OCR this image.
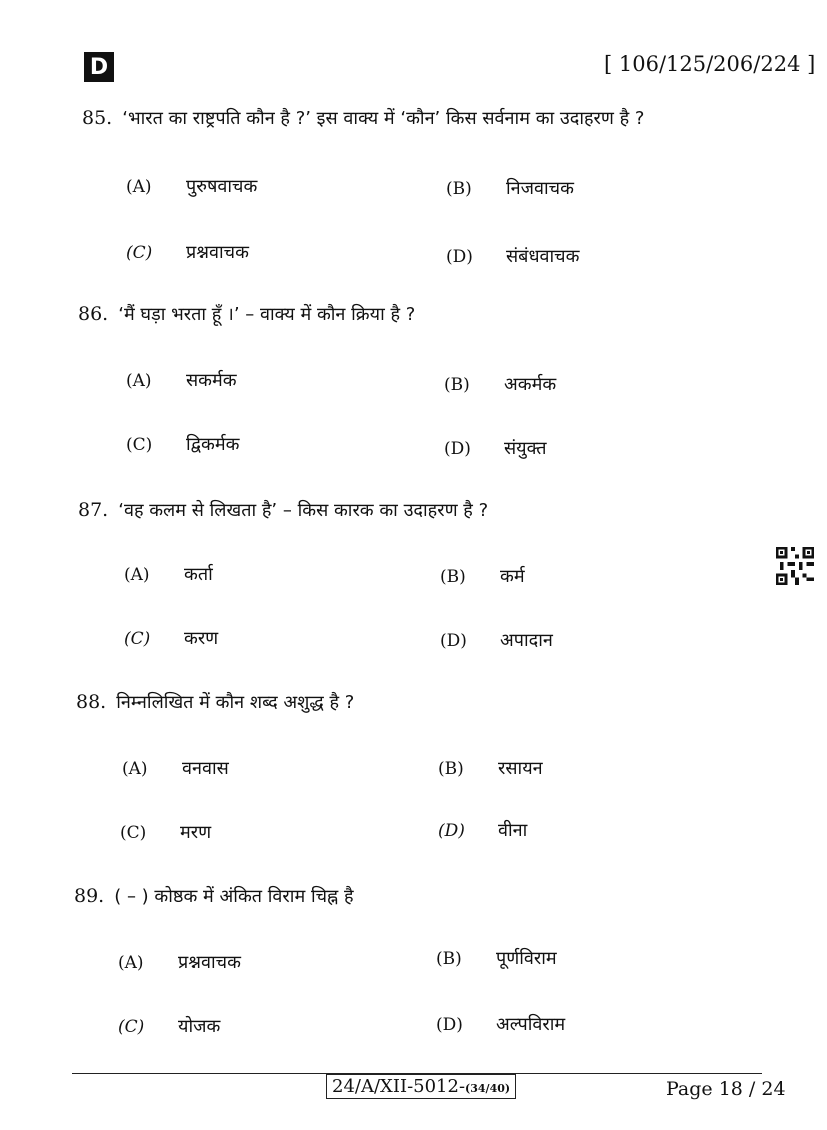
D	[ 106/125/206/224 ]
85. ‘भारत का राष्ट्रपति कौन है ?’ इस वाक्य में ‘कौन’ किस सर्वनाम का उदाहरण है ?
(A) पुरुषवाचक	(B) निजवाचक
(C) प्रश्नवाचक	(D) संबंधवाचक
86. ‘मैं घड़ा भरता हूँ ।’ – वाक्य में कौन क्रिया है ?
(A) सकर्मक	(B) अकर्मक
(C) द्विकर्मक	(D) संयुक्त
87. ‘वह कलम से लिखता है’ – किस कारक का उदाहरण है ?
(A) कर्ता	(B) कर्म
(C) करण	(D) अपादान
88. निम्नलिखित में कौन शब्द अशुद्ध है ?
(A) वनवास	(B) रसायन
(C) मरण	(D) वीना
89. ( – ) कोष्ठक में अंकित विराम चिह्न है
(A) प्रश्नवाचक	(B) पूर्णविराम
(C) योजक	(D) अल्पविराम
24/A/XII-5012-(34/40)	Page 18 / 24
